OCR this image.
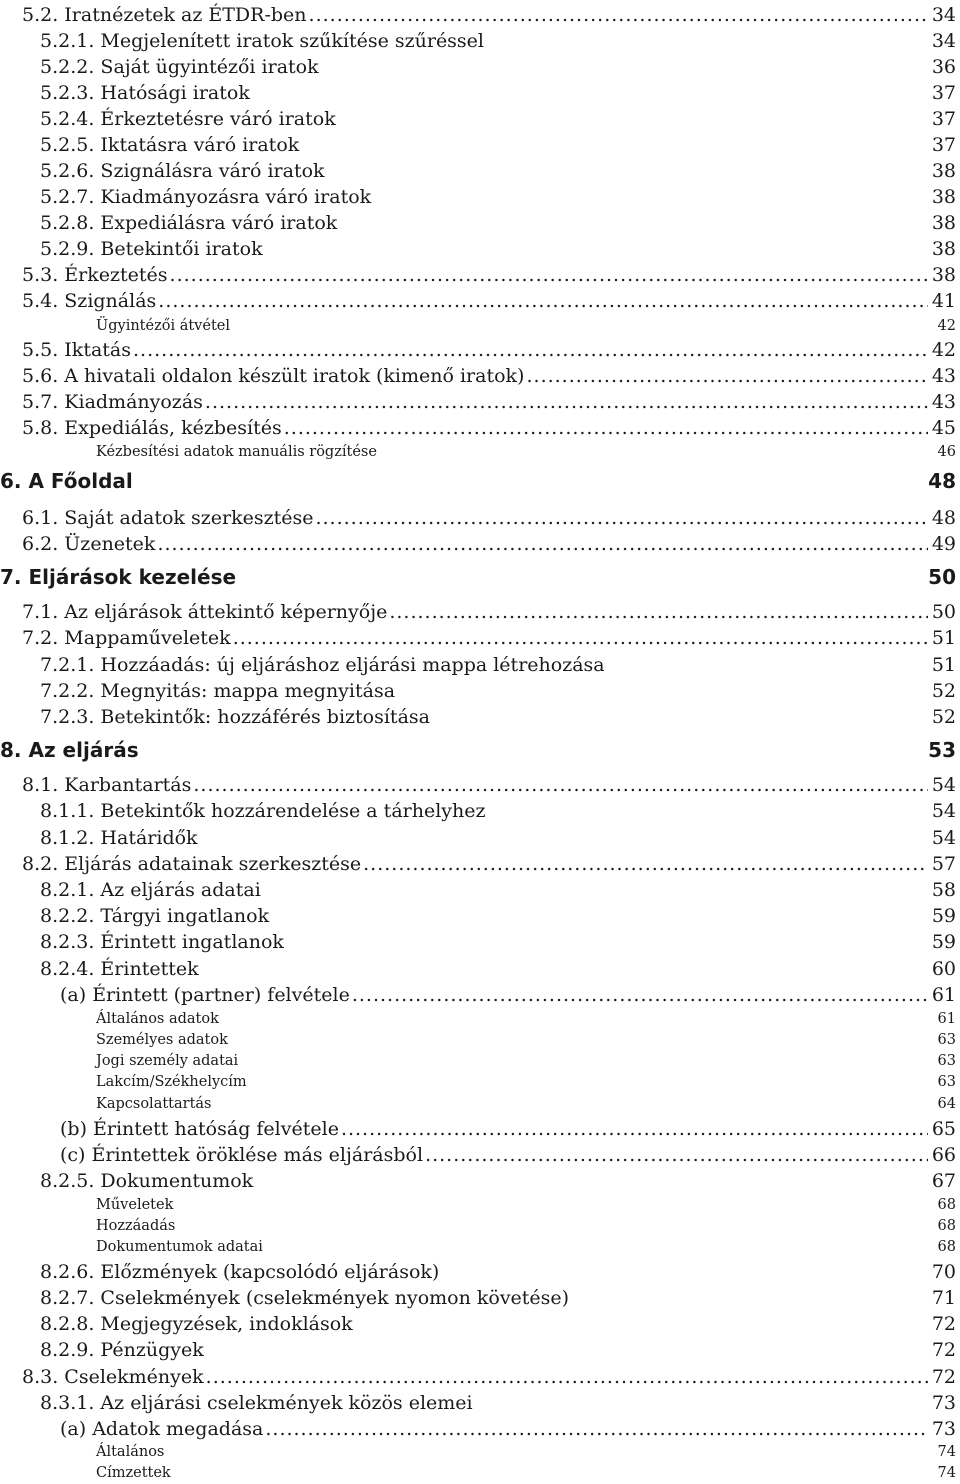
5.2. Iratnézetek az ÉTDR-ben	34
.....
5.2.1. Megjelenített iratok szűkítése szűréssel	34
5.2.2. Saját ügyintézői iratok	36
5.2.3. Hatósági iratok	37
5.2.4. Érkeztetésre váró iratok	37
5.2.5. Iktatásra váró iratok	37
5.2.6. Szignálásra váró iratok	38
5.2.7. Kiadmányozásra váró iratok	38
5.2.8. Expediálásra váró iratok	38
5.2.9. Betekintői iratok	38
5.3. Érkeztetés	38
.....
5.4. Szignálás	41
.....
Ügyintézői átvétel	42
5.5. Iktatás	42
.....
5.6. A hivatali oldalon készült iratok (kimenő iratok)	43
.....
5.7. Kiadmányozás	43
.....
5.8. Expediálás, kézbesítés	45
.....
Kézbesítési adatok manuális rögzítése	46
6. A Főoldal	48
6.1. Saját adatok szerkesztése	48
.....
6.2. Üzenetek	49
.....
7. Eljárások kezelése	50
7.1. Az eljárások áttekintő képernyője	50
.....
7.2. Mappaműveletek	51
.....
7.2.1. Hozzáadás: új eljáráshoz eljárási mappa létrehozása	51
7.2.2. Megnyitás: mappa megnyitása	52
7.2.3. Betekintők: hozzáférés biztosítása	52
8. Az eljárás	53
8.1. Karbantartás	54
.....
8.1.1. Betekintők hozzárendelése a tárhelyhez	54
8.1.2. Határidők	54
8.2. Eljárás adatainak szerkesztése	57
.....
8.2.1. Az eljárás adatai	58
8.2.2. Tárgyi ingatlanok	59
8.2.3. Érintett ingatlanok	59
8.2.4. Érintettek	60
(a) Érintett (partner) felvétele	61
.....
Általános adatok	61
Személyes adatok	63
Jogi személy adatai	63
Lakcím/Székhelycím	63
Kapcsolattartás	64
(b) Érintett hatóság felvétele	65
.....
(c) Érintettek öröklése más eljárásból	66
.....
8.2.5. Dokumentumok	67
Műveletek	68
Hozzáadás	68
Dokumentumok adatai	68
8.2.6. Előzmények (kapcsolódó eljárások)	70
8.2.7. Cselekmények (cselekmények nyomon követése)	71
8.2.8. Megjegyzések, indoklások	72
8.2.9. Pénzügyek	72
8.3. Cselekmények	72
.....
8.3.1. Az eljárási cselekmények közös elemei	73
(a) Adatok megadása	73
.....
Általános	74
Címzettek	74
